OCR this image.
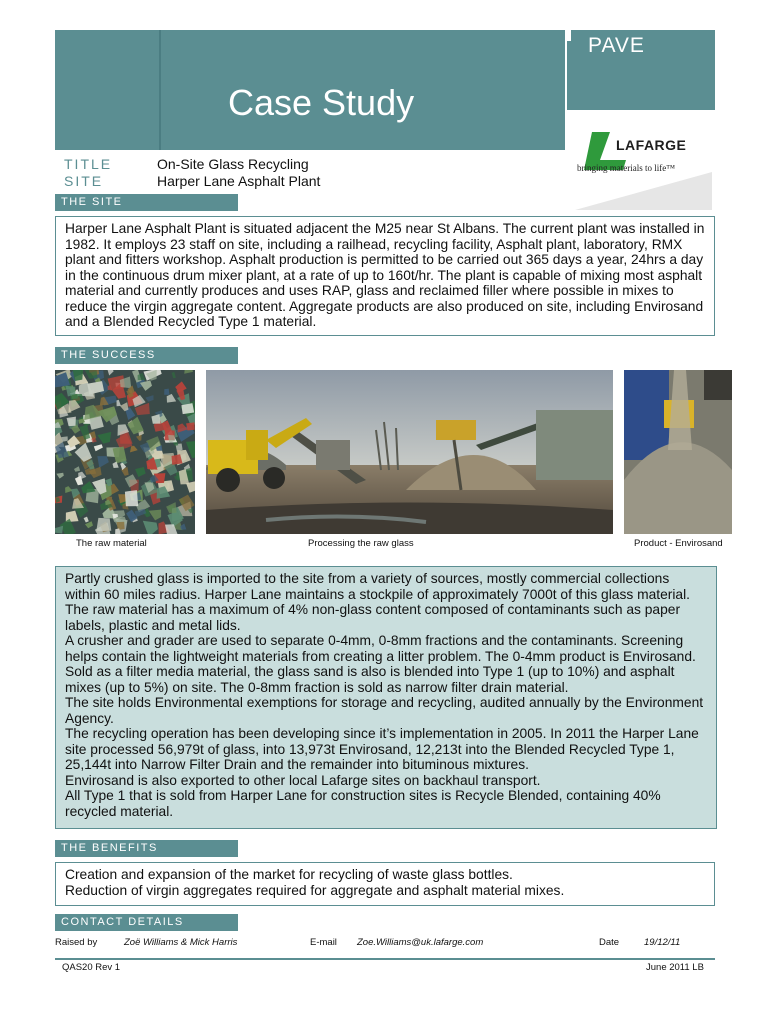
PAVE
Case Study
LAFARGE
bringing materials to life™
TITLE	On-Site Glass Recycling
SITE	Harper Lane Asphalt Plant
THE SITE

Harper Lane Asphalt Plant is situated adjacent the M25 near St Albans. The current plant was installed in 1982. It employs 23 staff on site, including a railhead, recycling facility, Asphalt plant, laboratory, RMX plant and fitters workshop. Asphalt production is permitted to be carried out 365 days a year, 24hrs a day in the continuous drum mixer plant, at a rate of up to 160t/hr. The plant is capable of mixing most asphalt material and currently produces and uses RAP, glass and reclaimed filler where possible in mixes to reduce the virgin aggregate content. Aggregate products are also produced on site, including Envirosand and a Blended Recycled Type 1 material.

THE SUCCESS
The raw material	Processing the raw glass	Product - Envirosand

Partly crushed glass is imported to the site from a variety of sources, mostly commercial collections within 60 miles radius. Harper Lane maintains a stockpile of approximately 7000t of this glass material. The raw material has a maximum of 4% non-glass content composed of contaminants such as paper labels, plastic and metal lids.

A crusher and grader are used to separate 0-4mm, 0-8mm fractions and the contaminants. Screening helps contain the lightweight materials from creating a litter problem. The 0-4mm product is Envirosand. Sold as a filter media material, the glass sand is also is blended into Type 1 (up to 10%) and asphalt mixes (up to 5%) on site. The 0-8mm fraction is sold as narrow filter drain material.

The site holds Environmental exemptions for storage and recycling, audited annually by the Environment Agency.

The recycling operation has been developing since it’s implementation in 2005. In 2011 the Harper Lane site processed 56,979t of glass, into 13,973t Envirosand, 12,213t into the Blended Recycled Type 1, 25,144t into Narrow Filter Drain and the remainder into bituminous mixtures.

Envirosand is also exported to other local Lafarge sites on backhaul transport.

All Type 1 that is sold from Harper Lane for construction sites is Recycle Blended, containing 40% recycled material.

THE BENEFITS

Creation and expansion of the market for recycling of waste glass bottles.

Reduction of virgin aggregates required for aggregate and asphalt material mixes.

CONTACT DETAILS
Raised by	Zoë Williams & Mick Harris	E-mail Zoe.Williams@uk.lafarge.com	Date	19/12/11
QAS20 Rev 1	June 2011 LB
